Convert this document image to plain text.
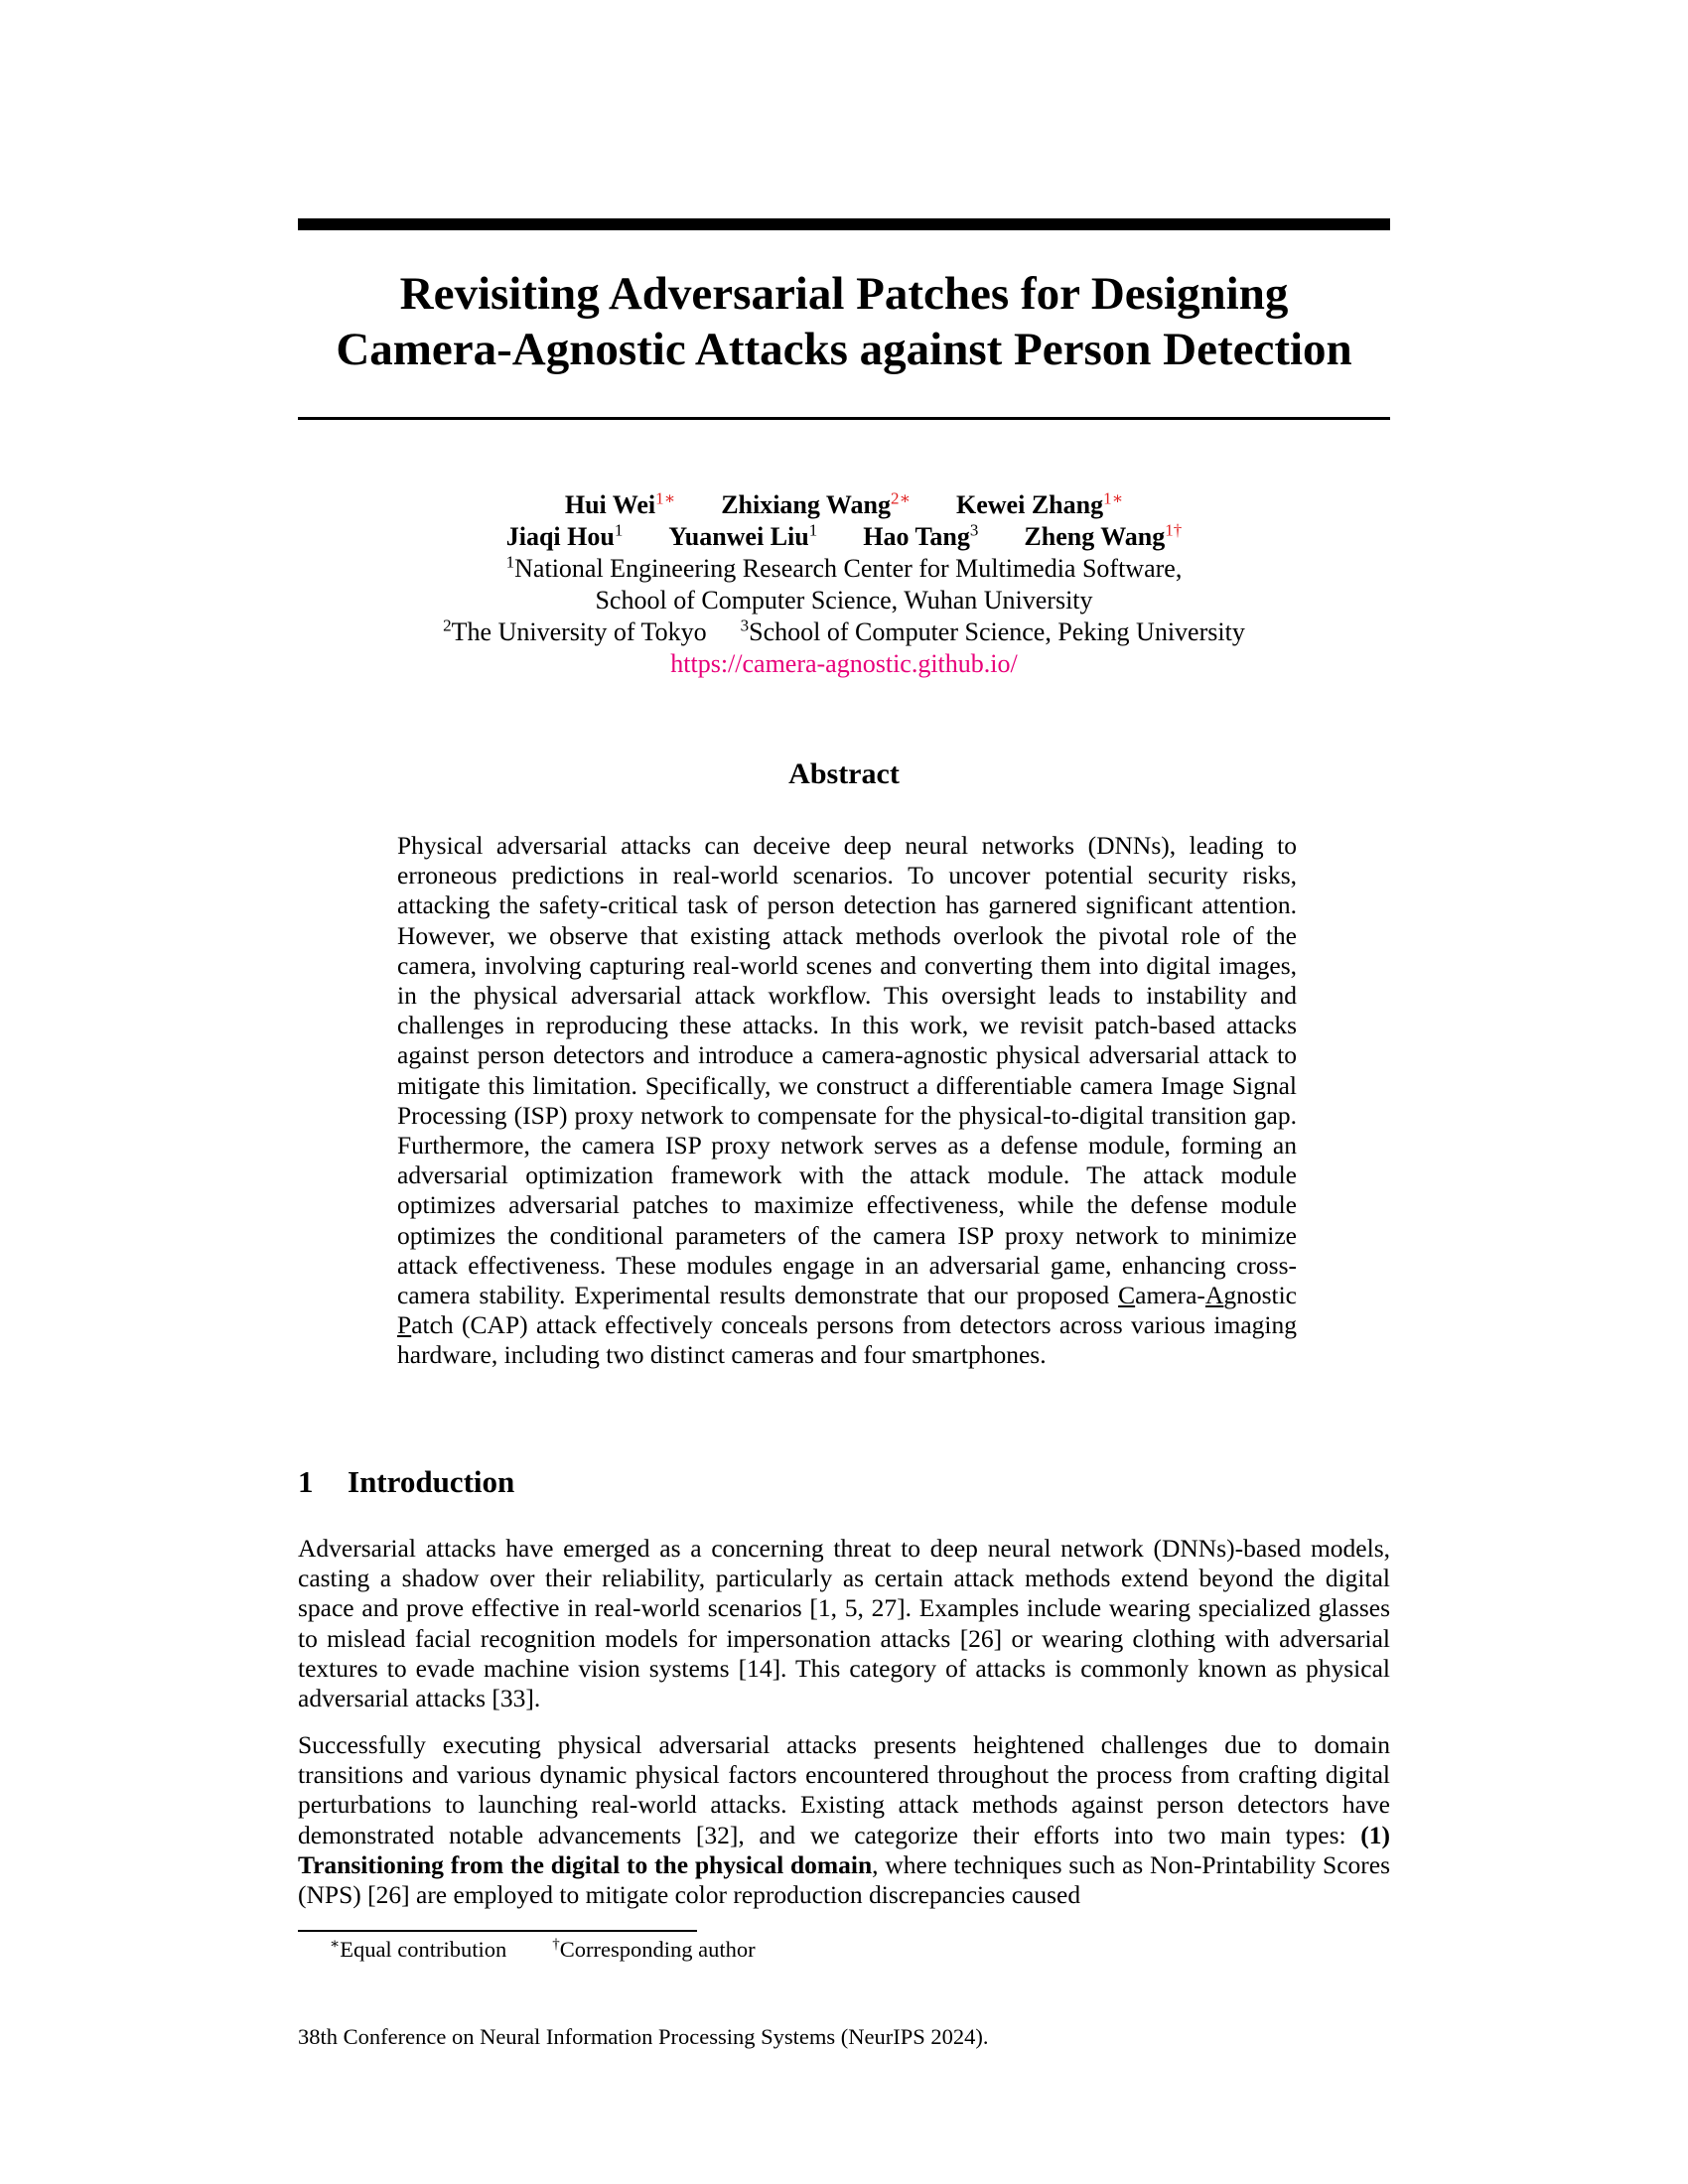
Revisiting Adversarial Patches for Designing
Camera-Agnostic Attacks against Person Detection
Hui Wei$^{1∗}$ Zhixiang Wang$^{2∗}$ Kewei Zhang$^{1∗}$
Jiaqi Hou$^1$ Yuanwei Liu$^1$ Hao Tang$^3$ Zheng Wang$^{1\dagger}$
$^1$National Engineering Research Center for Multimedia Software,
School of Computer Science, Wuhan University
$^2$The University of Tokyo $^3$School of Computer Science, Peking University
https://camera-agnostic.github.io/
Abstract
Physical adversarial attacks can deceive deep neural networks (DNNs), leading to erroneous predictions in real-world scenarios. To uncover potential security risks, attacking the safety-critical task of person detection has garnered significant attention. However, we observe that existing attack methods overlook the pivotal role of the camera, involving capturing real-world scenes and converting them into digital images, in the physical adversarial attack workflow. This oversight leads to instability and challenges in reproducing these attacks. In this work, we revisit patch-based attacks against person detectors and introduce a camera-agnostic physical adversarial attack to mitigate this limitation. Specifically, we construct a differentiable camera Image Signal Processing (ISP) proxy network to compensate for the physical-to-digital transition gap. Furthermore, the camera ISP proxy network serves as a defense module, forming an adversarial optimization framework with the attack module. The attack module optimizes adversarial patches to maximize effectiveness, while the defense module optimizes the conditional parameters of the camera ISP proxy network to minimize attack effectiveness. These modules engage in an adversarial game, enhancing cross-camera stability. Experimental results demonstrate that our proposed Camera-Agnostic Patch (CAP) attack effectively conceals persons from detectors across various imaging hardware, including two distinct cameras and four smartphones.
1 Introduction
Adversarial attacks have emerged as a concerning threat to deep neural network (DNNs)-based models, casting a shadow over their reliability, particularly as certain attack methods extend beyond the digital space and prove effective in real-world scenarios [1, 5, 27]. Examples include wearing specialized glasses to mislead facial recognition models for impersonation attacks [26] or wearing clothing with adversarial textures to evade machine vision systems [14]. This category of attacks is commonly known as physical adversarial attacks [33].
Successfully executing physical adversarial attacks presents heightened challenges due to domain transitions and various dynamic physical factors encountered throughout the process from crafting digital perturbations to launching real-world attacks. Existing attack methods against person detectors have demonstrated notable advancements [32], and we categorize their efforts into two main types: (1) Transitioning from the digital to the physical domain, where techniques such as Non-Printability Scores (NPS) [26] are employed to mitigate color reproduction discrepancies caused
∗Equal contribution	†Corresponding author
38th Conference on Neural Information Processing Systems (NeurIPS 2024).
